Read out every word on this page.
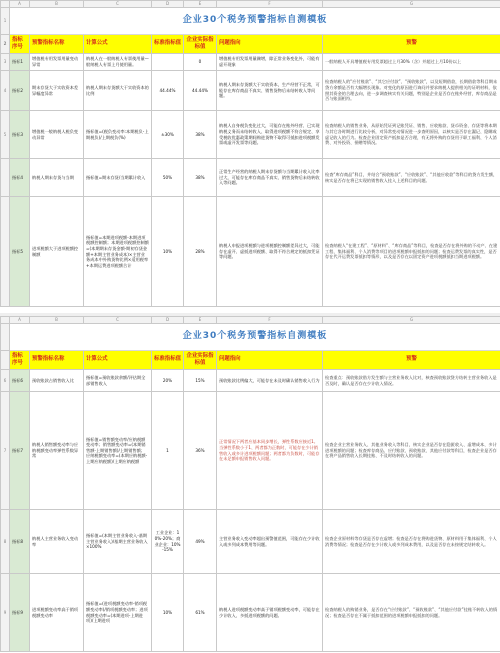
	A	B	C	D	E	F	G
1	企业30个税务预警指标自测模板						
2	指标序号	预警指标名称	计算公式	标准指标值	企业实际指标值	问题指向	预警
3	指标1	增值税专用发票用量变动异常	纳税人在一般纳税人专票使用量—般纳税人专票上月使用量。		0	增值税专用发票用量骤增，除正常业务变化外，可能有虚开现象	一般纳税人开具增值税专用发票超过上月30%（含）并超过上月10份以上
4	指标2	期末存货大于实收资本差异幅度异常	纳税人期末存货额大于实收资本的比例	44.44%	44.44%	纳税人期末存货额大于实收资本，生产经营不正常，可能存在库存商品不真实、销售货物后未结转收入等问题。	检查纳税人的“应付账款”、“其它应付款”、“预收账款”，以及短期借款，长期借款等科目期末贷方余额是否有大幅增长现象。对变化的原因进行询问并要求纳税人提供相关的证明材料，依照其资金的合理去向，进一步调查核实有关问题，特别是企业是否存在账外经营，库存商品是否与账面相符。
5	指标3	增值税一般纳税人税负变动异常	指标值=(税负变动率:本期税负-上期税负)/上期税负(%)	±30%	38%	纳税人自身税负变化过大，可能存在账外经营、已实现纳税义务而未结转收入、取得进项税额不符合规定、享受税收优惠政策期间购进货物不取得可抵扣进项税额发票或虚开发票等问题。	检查纳税人的销售业务，从原始凭证到记账凭证、销售、应收账款、货币资金、存货等将本期与其它各时期进行比较分析，对异常变动情况进一步查明原因，以核实是否存在漏记、隐瞒或虚记收入的行为。检查企业固定资产抵扣是否合理，有无将外购的存货用于职工福利、个人消费、对外投资、捐赠等情况。
	指标4	纳税人期末存货与当期	指标值=期末存货/当期累计收入	50%	38%	正常生产经营的纳税人期末存货额与当期累计收入比率过大，可能存在库存商品不真实、销售货物后未结转收入等问题。	检查“库存商品”科目，并结合“预收账款”、“应收账款”、“其他应收款”等科目的贷方发生额，核实是否存在将已实现的销售收入挂入上述科目的问题。
	指标5	进项税额大于进项税额控制额	指标值=本期进项税额-本期进项税额控制额；本期进项税额控制额=(本期期末存货金额-期初存货金额+本期主营业务成本)×主营业务成本中外购货物比例×适用税率+本期运费进项税额合计	10%	28%	纳税人申报进项税额与进项税额控制额差异过大，可能存在虚开、虚抵进项税额、取得不符合规定的抵扣凭证等问题。	检查纳税人“在建工程”、“原材料”、“库存商品”等科目，检查是否存在将外购的不动产、在建工程、集体福利、个人消费等项目的进项税额申报抵扣的问题；检查运费发票的真实性，是否存在代开运费发票抵扣等情形，以及是否存在以固定资产进项税额抵扣当期进项税额。
	A	B	C	D	E	F	G
	企业30个税务预警指标自测模板						
	指标序号	预警指标名称	计算公式	标准指标值	企业实际指标值	问题指向	预警
6	指标6	预收账款占销售收入比	指标值=预收账款余额/评估期全部销售收入	20%	15%	预收账款比例偏大，可能存在未及时确认销售收入行为	检查重点：预收账款借方发生额与主营业务收入比对，核查预收账款贷方结转主营业务收入是否及时，确认是否存在少计收入情况。
7	指标7	纳税人销售额变动率与应纳税额变动率弹性系数异常	指标值=销售额变动率/应纳税额变动率；销售额变动率=(本期销售额-上期销售额)/上期销售额；应纳税额变动率=(本期应纳税额-上期应纳税额)/上期应纳税额	1	36%	正常情况下两者应基本同步增长，弹性系数应接近1。当弹性系数小于1、两者都为正数时，可能存在少计销售收入或多计进项税额问题；两者都为负数时，可能存在未足额申报销售收入问题。	检查企业主营业务收入、其他业务收入等科目，核实企业是否存在隐匿收入、虚增成本、多计进项税额的问题；检查库存商品、应付账款、预收账款、其他应付款等科目，检查企业是否存在将产品销售收入长期挂账、不及时结转收入的问题。
8	指标8	纳税人主营业务收入变动率	指标值=(本期主营业务收入-基期主营业务收入)/基期主营业务收入×100%	工业企业：10%-20%；商业企业：10%-15%	49%	主营业务收入变动率超出预警值范围，可能存在少计收入或多列成本费用等问题。	检查企业原材料等存货是否存在虚增；检查是否存在将购进货物、原材料用于集体福利、个人消费等情况；检查是否存在少计收入或多列成本费用，以及是否存在未按规定结转收入。
9	指标9	进项税额变动率高于销项税额变动率	指标值=(进项税额变动率-销项税额变动率)/销项税额变动率；进项税额变动率=(本期进项-上期进项)/上期进项	10%	61%	纳税人进项税额变动率高于销项税额变动率，可能存在少计收入、多抵进项税额的问题。	检查纳税人的购销业务，是否存在“应付账款”、“预收账款”、“其他应付款”挂账不转收入的情况；检查是否存在不属于抵扣范围的进项税额申报抵扣的问题。
